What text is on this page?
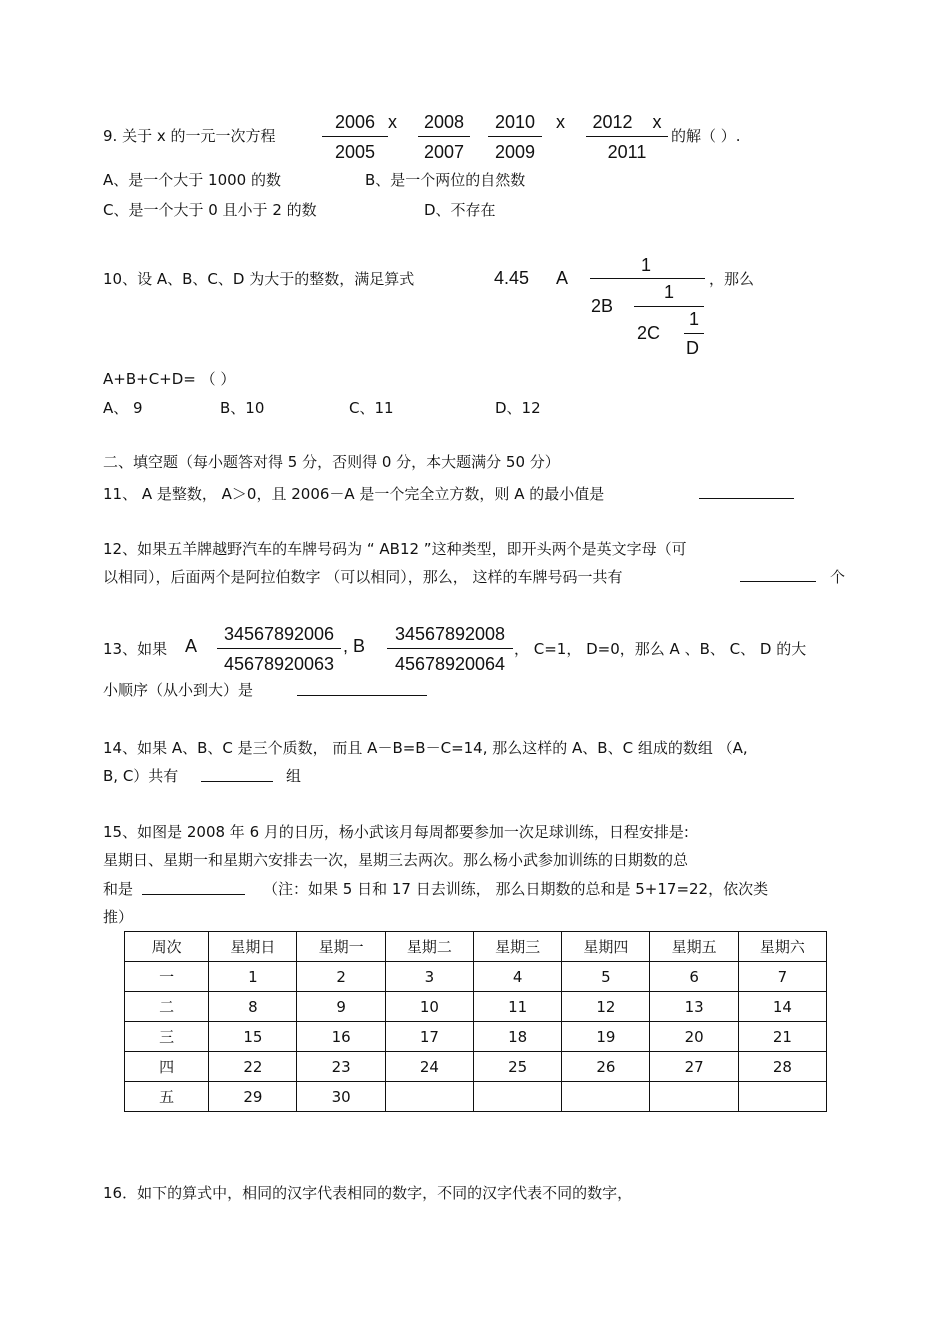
9. 关于 x 的一元一次方程	$\frac{2006}{2005}$ x $\frac{2008}{2007} \frac{2010}{2009}$ x $\frac{2012 x}{2011}$ 的解（ ）.
A、是一个大于 1000 的数	B、是一个两位的自然数
C、是一个大于 0 且小于 2 的数	D、不存在
10、设 A、B、C、D 为大于的整数，满足算式	4.45 A
1
2B
1
2C
1
D
，那么
A+B+C+D= （ ）
A、 9	B、10	C、11	D、12
二、填空题（每小题答对得 5 分，否则得 0 分，本大题满分 50 分）
11、 A 是整数， A＞0，且 2006－A 是一个完全立方数，则 A 的最小值是
12、如果五羊牌越野汽车的车牌号码为 “ AB12 ”这种类型，即开头两个是英文字母（可
以相同），后面两个是阿拉伯数字 （可以相同），那么， 这样的车牌号码一共有	个
13、如果 A $\frac{34567892006}{45678920063}$ , B $\frac{34567892008}{45678920064}$ ， C=1， D=0，那么 A 、B、 C、 D 的大
小顺序（从小到大）是
14、如果 A、B、C 是三个质数， 而且 A－B=B－C=14, 那么这样的 A、B、C 组成的数组 （A,
B, C）共有	组
15、如图是 2008 年 6 月的日历，杨小武该月每周都要参加一次足球训练，日程安排是:
星期日、星期一和星期六安排去一次，星期三去两次。那么杨小武参加训练的日期数的总
和是	（注：如果 5 日和 17 日去训练， 那么日期数的总和是 5+17=22，依次类
推）
周次	星期日	星期一	星期二	星期三	星期四	星期五	星期六
一	1	2	3	4	5	6	7
二	8	9	10	11	12	13	14
三	15	16	17	18	19	20	21
四	22	23	24	25	26	27	28
五	29	30					
16．如下的算式中，相同的汉字代表相同的数字，不同的汉字代表不同的数字，
